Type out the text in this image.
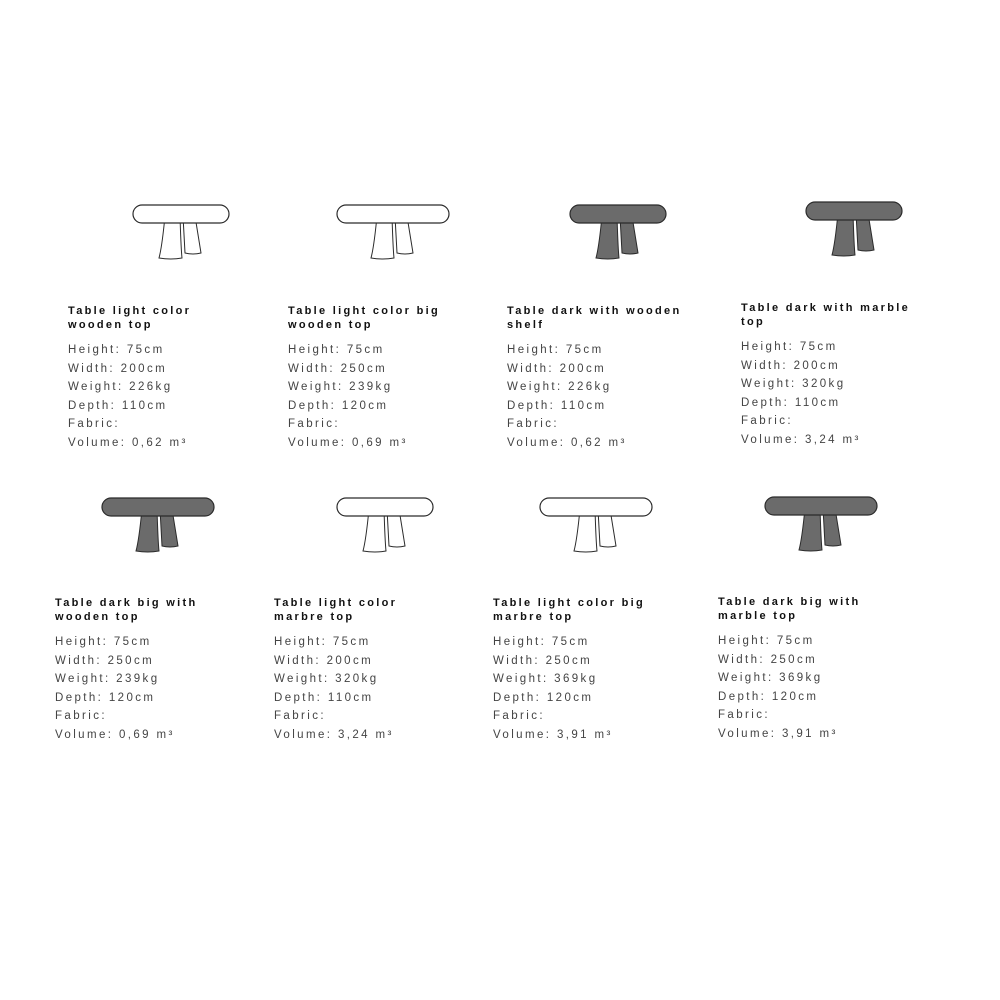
Table light color
wooden top
Height: 75cm
Width: 200cm
Weight: 226kg
Depth: 110cm
Fabric:
Volume: 0,62 m³
Table light color big
wooden top
Height: 75cm
Width: 250cm
Weight: 239kg
Depth: 120cm
Fabric:
Volume: 0,69 m³
Table dark with wooden
shelf
Height: 75cm
Width: 200cm
Weight: 226kg
Depth: 110cm
Fabric:
Volume: 0,62 m³
Table dark with marble
top
Height: 75cm
Width: 200cm
Weight: 320kg
Depth: 110cm
Fabric:
Volume: 3,24 m³
Table dark big with
wooden top
Height: 75cm
Width: 250cm
Weight: 239kg
Depth: 120cm
Fabric:
Volume: 0,69 m³
Table light color
marbre top
Height: 75cm
Width: 200cm
Weight: 320kg
Depth: 110cm
Fabric:
Volume: 3,24 m³
Table light color big
marbre top
Height: 75cm
Width: 250cm
Weight: 369kg
Depth: 120cm
Fabric:
Volume: 3,91 m³
Table dark big with
marble top
Height: 75cm
Width: 250cm
Weight: 369kg
Depth: 120cm
Fabric:
Volume: 3,91 m³
